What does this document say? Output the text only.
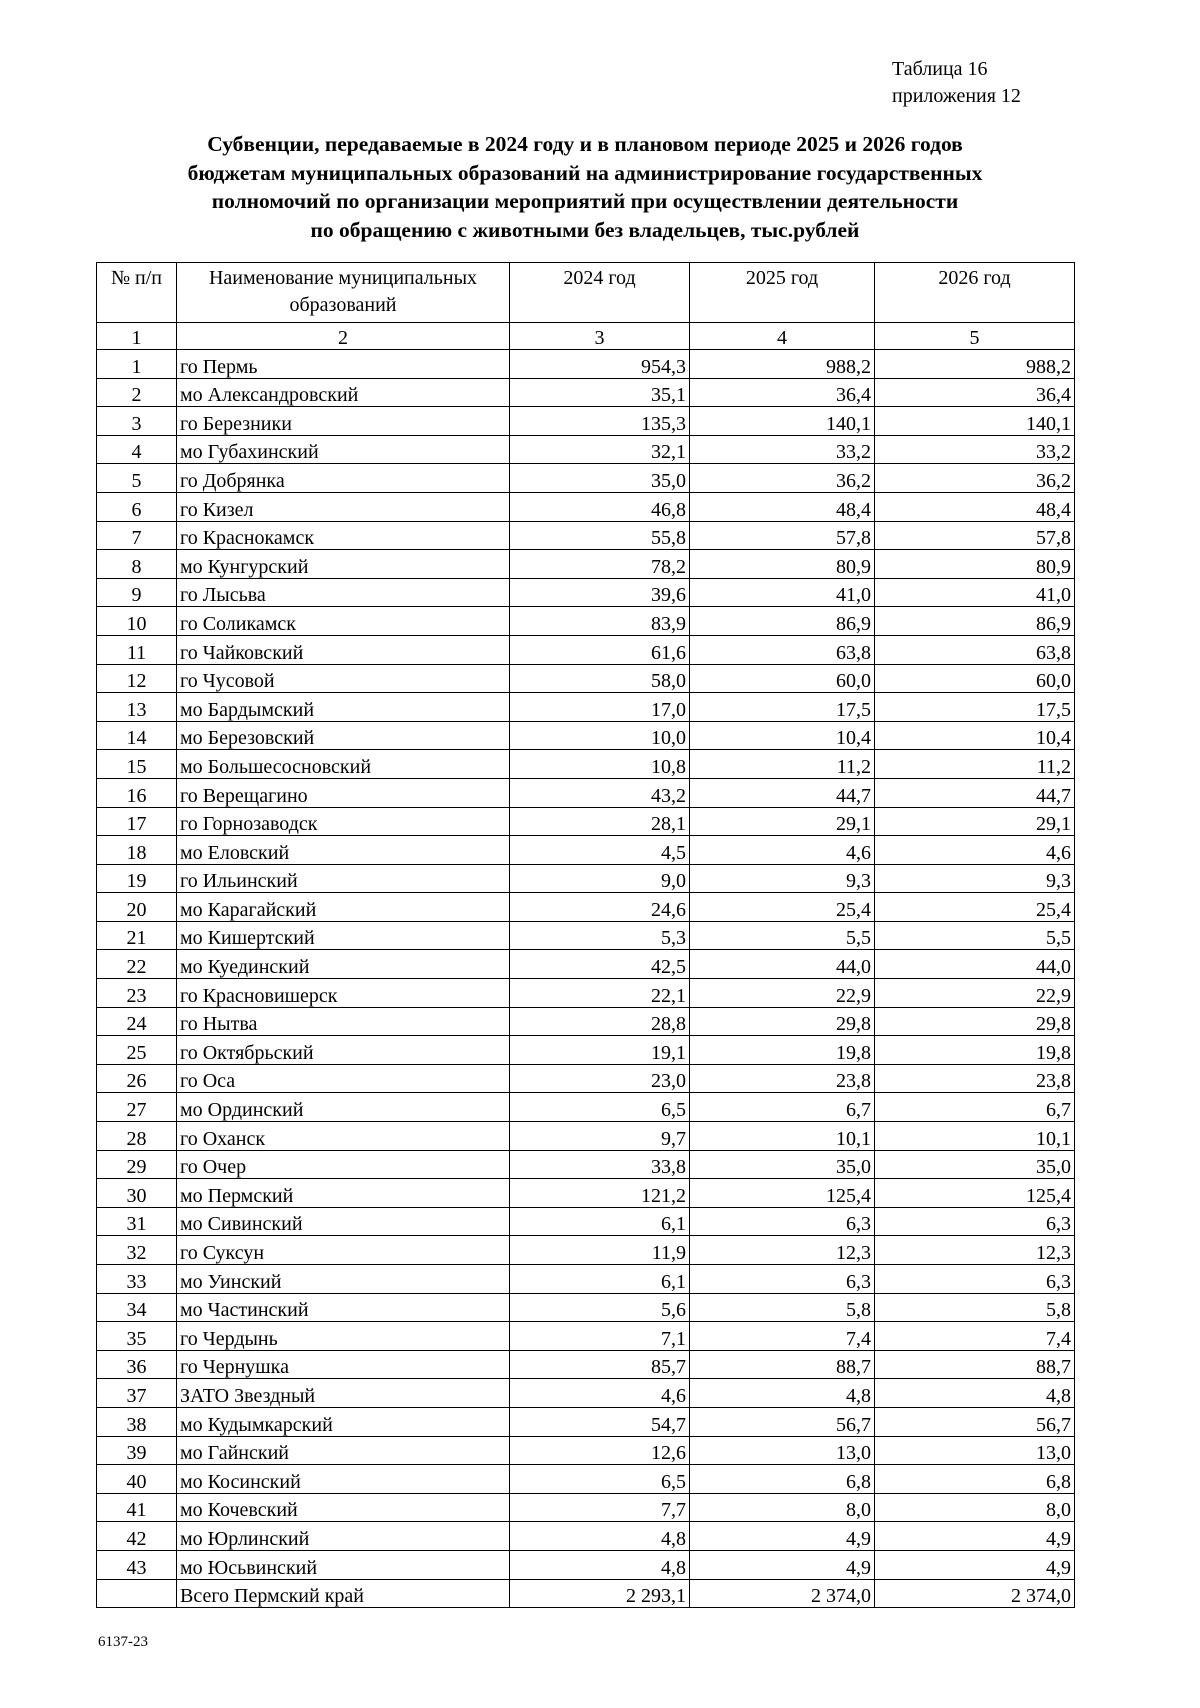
Таблица 16
приложения 12
Субвенции, передаваемые в 2024 году и в плановом периоде 2025 и 2026 годов
бюджетам муниципальных образований на администрирование государственных
полномочий по организации мероприятий при осуществлении деятельности
по обращению с животными без владельцев, тыс.рублей
№ п/п	Наименование муниципальных образований	2024 год	2025 год	2026 год
1	2	3	4	5
1	го Пермь	954,3	988,2	988,2
2	мо Александровский	35,1	36,4	36,4
3	го Березники	135,3	140,1	140,1
4	мо Губахинский	32,1	33,2	33,2
5	го Добрянка	35,0	36,2	36,2
6	го Кизел	46,8	48,4	48,4
7	го Краснокамск	55,8	57,8	57,8
8	мо Кунгурский	78,2	80,9	80,9
9	го Лысьва	39,6	41,0	41,0
10	го Соликамск	83,9	86,9	86,9
11	го Чайковский	61,6	63,8	63,8
12	го Чусовой	58,0	60,0	60,0
13	мо Бардымский	17,0	17,5	17,5
14	мо Березовский	10,0	10,4	10,4
15	мо Большесосновский	10,8	11,2	11,2
16	го Верещагино	43,2	44,7	44,7
17	го Горнозаводск	28,1	29,1	29,1
18	мо Еловский	4,5	4,6	4,6
19	го Ильинский	9,0	9,3	9,3
20	мо Карагайский	24,6	25,4	25,4
21	мо Кишертский	5,3	5,5	5,5
22	мо Куединский	42,5	44,0	44,0
23	го Красновишерск	22,1	22,9	22,9
24	го Нытва	28,8	29,8	29,8
25	го Октябрьский	19,1	19,8	19,8
26	го Оса	23,0	23,8	23,8
27	мо Ординский	6,5	6,7	6,7
28	го Оханск	9,7	10,1	10,1
29	го Очер	33,8	35,0	35,0
30	мо Пермский	121,2	125,4	125,4
31	мо Сивинский	6,1	6,3	6,3
32	го Суксун	11,9	12,3	12,3
33	мо Уинский	6,1	6,3	6,3
34	мо Частинский	5,6	5,8	5,8
35	го Чердынь	7,1	7,4	7,4
36	го Чернушка	85,7	88,7	88,7
37	ЗАТО Звездный	4,6	4,8	4,8
38	мо Кудымкарский	54,7	56,7	56,7
39	мо Гайнский	12,6	13,0	13,0
40	мо Косинский	6,5	6,8	6,8
41	мо Кочевский	7,7	8,0	8,0
42	мо Юрлинский	4,8	4,9	4,9
43	мо Юсьвинский	4,8	4,9	4,9
	Всего Пермский край	2 293,1	2 374,0	2 374,0
6137-23
